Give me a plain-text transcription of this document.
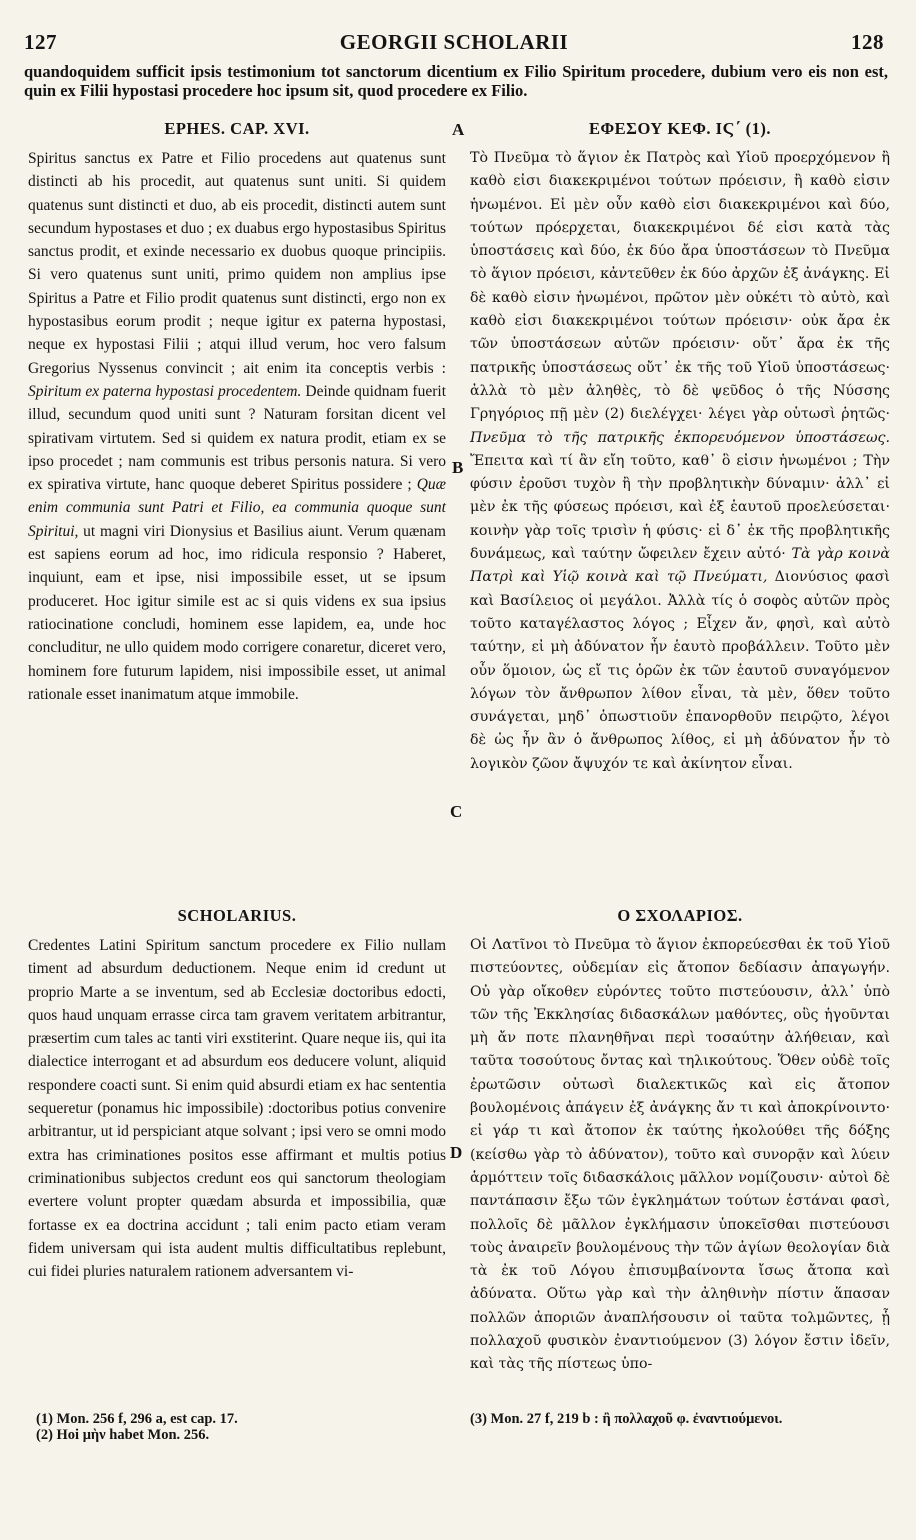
127	GEORGII SCHOLARII	128
quandoquidem sufficit ipsis testimonium tot sanctorum dicentium ex Filio Spiritum procedere, dubium vero eis non est, quin ex Filii hypostasi procedere hoc ipsum sit, quod procedere ex Filio.
EPHES. CAP. XVI.	ΕΦΕΣΟΥ ΚΕΦ. ΙϚ΄ (1).
A
B
C
D

Spiritus sanctus ex Patre et Filio procedens aut quatenus sunt distincti ab his procedit, aut quatenus sunt uniti. Si quidem quatenus sunt distincti et duo, ab eis procedit, distincti autem sunt secundum hypostases et duo ; ex duabus ergo hypostasibus Spiritus sanctus prodit, et exinde necessario ex duobus quoque principiis. Si vero quatenus sunt uniti, primo quidem non amplius ipse Spiritus a Patre et Filio prodit quatenus sunt distincti, ergo non ex hypostasibus eorum prodit ; neque igitur ex paterna hypostasi, neque ex hypostasi Filii ; atqui illud verum, hoc vero falsum Gregorius Nyssenus convincit ; ait enim ita conceptis verbis : Spiritum ex paterna hypostasi procedentem. Deinde quidnam fuerit illud, secundum quod uniti sunt ? Naturam forsitan dicent vel spirativam virtutem. Sed si quidem ex natura prodit, etiam ex se ipso procedet ; nam communis est tribus personis natura. Si vero ex spirativa virtute, hanc quoque deberet Spiritus possidere ; Quæ enim communia sunt Patri et Filio, ea communia quoque sunt Spiritui, ut magni viri Dionysius et Basilius aiunt. Verum quænam est sapiens eorum ad hoc, imo ridicula responsio ? Haberet, inquiunt, eam et ipse, nisi impossibile esset, ut se ipsum produceret. Hoc igitur simile est ac si quis videns ex sua ipsius ratiocinatione concludi, hominem esse lapidem, ea, unde hoc concluditur, ne ullo quidem modo corrigere conaretur, diceret vero, hominem fore futurum lapidem, nisi impossibile esset, ut animal rationale esset inanimatum atque immobile.

Τὸ Πνεῦμα τὸ ἅγιον ἐκ Πατρὸς καὶ Υἱοῦ προερχόμενον ἢ καθὸ εἰσι διακεκριμένοι τούτων πρόεισιν, ἢ καθὸ εἰσιν ἡνωμένοι. Εἰ μὲν οὖν καθὸ εἰσι διακεκριμένοι καὶ δύο, τούτων πρόερχεται, διακεκριμένοι δέ εἰσι κατὰ τὰς ὑποστάσεις καὶ δύο, ἐκ δύο ἄρα ὑποστάσεων τὸ Πνεῦμα τὸ ἅγιον πρόεισι, κἀντεῦθεν ἐκ δύο ἀρχῶν ἐξ ἀνάγκης. Εἰ δὲ καθὸ εἰσιν ἡνωμένοι, πρῶτον μὲν οὐκέτι τὸ αὐτὸ, καὶ καθὸ εἰσι διακεκριμένοι τούτων πρόεισιν· οὐκ ἄρα ἐκ τῶν ὑποστάσεων αὐτῶν πρόεισιν· οὔτ᾽ ἄρα ἐκ τῆς πατρικῆς ὑποστάσεως οὔτ᾽ ἐκ τῆς τοῦ Υἱοῦ ὑποστάσεως· ἀλλὰ τὸ μὲν ἀληθὲς, τὸ δὲ ψεῦδος ὁ τῆς Νύσσης Γρηγόριος πῇ μὲν (2) διελέγχει· λέγει γὰρ οὑτωσὶ ῥητῶς· Πνεῦμα τὸ τῆς πατρικῆς ἐκπορευόμενον ὑποστάσεως. Ἔπειτα καὶ τί ἂν εἴη τοῦτο, καθ᾽ ὃ εἰσιν ἡνωμένοι ; Τὴν φύσιν ἐροῦσι τυχὸν ἢ τὴν προβλητικὴν δύναμιν· ἀλλ᾽ εἰ μὲν ἐκ τῆς φύσεως πρόεισι, καὶ ἐξ ἑαυτοῦ προελεύσεται· κοινὴν γὰρ τοῖς τρισὶν ἡ φύσις· εἰ δ᾽ ἐκ τῆς προβλητικῆς δυνάμεως, καὶ ταύτην ὤφειλεν ἔχειν αὐτό· Τὰ γὰρ κοινὰ Πατρὶ καὶ Υἱῷ κοινὰ καὶ τῷ Πνεύματι, Διονύσιος φασὶ καὶ Βασίλειος οἱ μεγάλοι. Ἀλλὰ τίς ὁ σοφὸς αὐτῶν πρὸς τοῦτο καταγέλαστος λόγος ; Εἶχεν ἄν, φησὶ, καὶ αὐτὸ ταύτην, εἰ μὴ ἀδύνατον ἦν ἑαυτὸ προβάλλειν. Τοῦτο μὲν οὖν ὅμοιον, ὡς εἴ τις ὁρῶν ἐκ τῶν ἑαυτοῦ συναγόμενον λόγων τὸν ἄνθρωπον λίθον εἶναι, τὰ μὲν, ὅθεν τοῦτο συνάγεται, μηδ᾽ ὁπωστιοῦν ἐπανορθοῦν πειρῷτο, λέγοι δὲ ὡς ἦν ἂν ὁ ἄνθρωπος λίθος, εἰ μὴ ἀδύνατον ἦν τὸ λογικὸν ζῶον ἄψυχόν τε καὶ ἀκίνητον εἶναι.

SCHOLARIUS.	Ο ΣΧΟΛΑΡΙΟΣ.

Credentes Latini Spiritum sanctum procedere ex Filio nullam timent ad absurdum deductionem. Neque enim id credunt ut proprio Marte a se inventum, sed ab Ecclesiæ doctoribus edocti, quos haud unquam errasse circa tam gravem veritatem arbitrantur, præsertim cum tales ac tanti viri exstiterint. Quare neque iis, qui ita dialectice interrogant et ad absurdum eos deducere volunt, aliquid respondere coacti sunt. Si enim quid absurdi etiam ex hac sententia sequeretur (ponamus hic impossibile) :doctoribus potius convenire arbitrantur, ut id perspiciant atque solvant ; ipsi vero se omni modo extra has criminationes positos esse affirmant et multis potius criminationibus subjectos credunt eos qui sanctorum theologiam evertere volunt propter quædam absurda et impossibilia, quæ fortasse ex ea doctrina accidunt ; tali enim pacto etiam veram fidem universam qui ista audent multis difficultatibus replebunt, cui fidei pluries naturalem rationem adversantem vi-

Οἱ Λατῖνοι τὸ Πνεῦμα τὸ ἅγιον ἐκπορεύεσθαι ἐκ τοῦ Υἱοῦ πιστεύοντες, οὐδεμίαν εἰς ἄτοπον δεδίασιν ἀπαγωγήν. Οὐ γὰρ οἴκοθεν εὑρόντες τοῦτο πιστεύουσιν, ἀλλ᾽ ὑπὸ τῶν τῆς Ἐκκλησίας διδασκάλων μαθόντες, οὓς ἡγοῦνται μὴ ἄν ποτε πλανηθῆναι περὶ τοσαύτην ἀλήθειαν, καὶ ταῦτα τοσούτους ὄντας καὶ τηλικούτους. Ὅθεν οὐδὲ τοῖς ἐρωτῶσιν οὑτωσὶ διαλεκτικῶς καὶ εἰς ἄτοπον βουλομένοις ἀπάγειν ἐξ ἀνάγκης ἄν τι καὶ ἀποκρίνοιντο· εἰ γάρ τι καὶ ἄτοπον ἐκ ταύτης ἠκολούθει τῆς δόξης (κείσθω γὰρ τὸ ἀδύνατον), τοῦτο καὶ συνορᾷν καὶ λύειν ἁρμόττειν τοῖς διδασκάλοις μᾶλλον νομίζουσιν· αὐτοὶ δὲ παντάπασιν ἔξω τῶν ἐγκλημάτων τούτων ἑστάναι φασὶ, πολλοῖς δὲ μᾶλλον ἐγκλήμασιν ὑποκεῖσθαι πιστεύουσι τοὺς ἀναιρεῖν βουλομένους τὴν τῶν ἁγίων θεολογίαν διὰ τὰ ἐκ τοῦ Λόγου ἐπισυμβαίνοντα ἴσως ἄτοπα καὶ ἀδύνατα. Οὕτω γὰρ καὶ τὴν ἀληθινὴν πίστιν ἅπασαν πολλῶν ἀποριῶν ἀναπλήσουσιν οἱ ταῦτα τολμῶντες, ᾗ πολλαχοῦ φυσικὸν ἐναντιούμενον (3) λόγον ἔστιν ἰδεῖν, καὶ τὰς τῆς πίστεως ὑπο-

(1) Mon. 256 f, 296 a, est cap. 17.
(2) Hoi μὴν habet Mon. 256.
(3) Mon. 27 f, 219 b : ἢ πολλαχοῦ φ. ἐναντιούμενοι.
